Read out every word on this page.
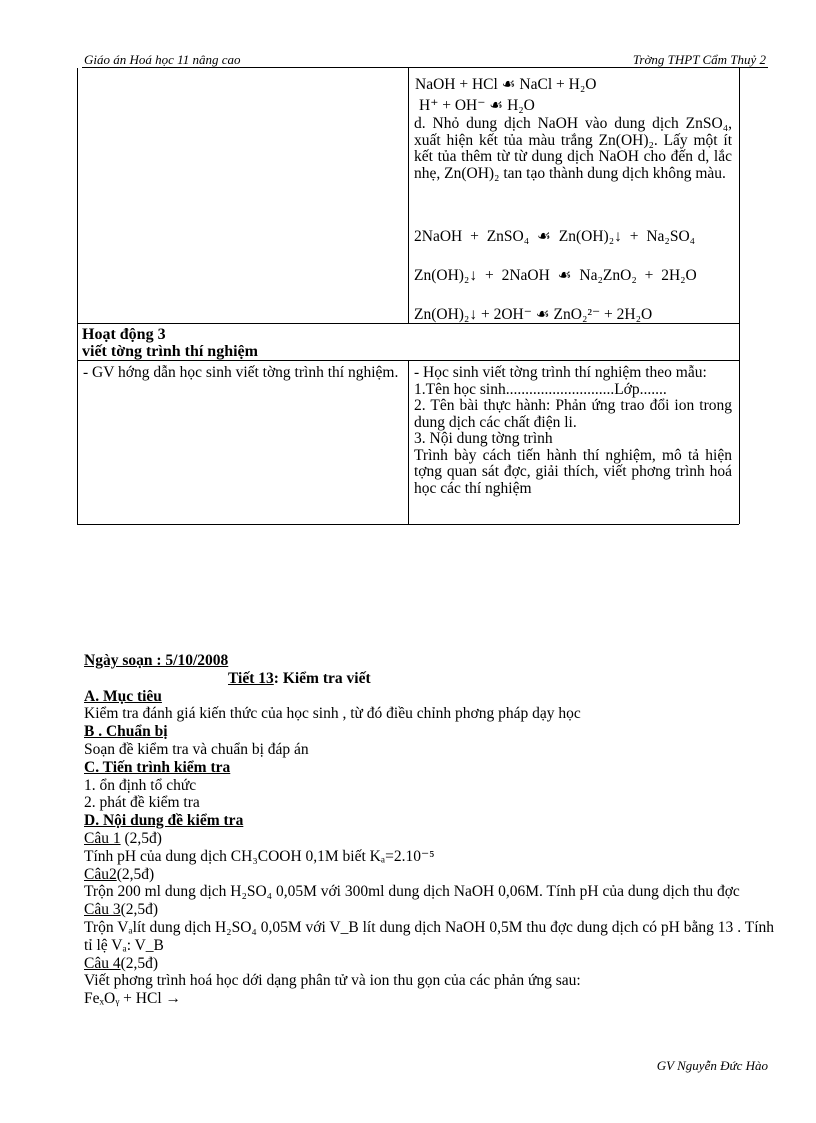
Giáo án Hoá học 11 nâng cao	Trờng THPT Cẩm Thuỷ 2
NaOH + HCl ☙ NaCl + H₂O
H⁺ + OH⁻ ☙ H₂O

d. Nhỏ dung dịch NaOH vào dung dịch ZnSO₄, xuất hiện kết tủa màu trắng Zn(OH)₂. Lấy một ít kết tủa thêm từ từ dung dịch NaOH cho đến d, lắc nhẹ, Zn(OH)₂ tan tạo thành dung dịch không màu.

2NaOH + ZnSO₄ ☙ Zn(OH)₂↓ + Na₂SO₄

Zn(OH)₂↓ + 2NaOH ☙ Na₂ZnO₂ + 2H₂O

Zn(OH)₂↓ + 2OH⁻ ☙ ZnO₂²⁻ + 2H₂O

Hoạt động 3
viết tờng trình thí nghiệm

- GV hớng dẫn học sinh viết tờng trình thí nghiệm. - Học sinh viết tờng trình thí nghiệm theo mẫu:

1.Tên học sinh............................Lớp.......

2. Tên bài thực hành: Phản ứng trao đổi ion trong dung dịch các chất điện li.

3. Nội dung tờng trình

Trình bày cách tiến hành thí nghiệm, mô tả hiện tợng quan sát đợc, giải thích, viết phơng trình hoá học các thí nghiệm

Ngày soạn : 5/10/2008

Tiết 13: Kiểm tra viết

A. Mục tiêu

Kiểm tra đánh giá kiến thức của học sinh , từ đó điều chỉnh phơng pháp dạy học

B . Chuẩn bị

Soạn đề kiểm tra và chuẩn bị đáp án

C. Tiến trình kiểm tra

1. ổn định tổ chức

2. phát đề kiểm tra

D. Nội dung đề kiểm tra

Câu 1 (2,5đ)

Tính pH của dung dịch CH₃COOH 0,1M biết Kₐ=2.10⁻⁵

Câu2(2,5đ)

Trộn 200 ml dung dịch H₂SO₄ 0,05M với 300ml dung dịch NaOH 0,06M. Tính pH của dung dịch thu đợc

Câu 3(2,5đ)

Trộn Vₐlít dung dịch H₂SO₄ 0,05M với V_B lít dung dịch NaOH 0,5M thu đợc dung dịch có pH bằng 13 . Tính tỉ lệ Vₐ: V_B

Câu 4(2,5đ)

Viết phơng trình hoá học dới dạng phân tử và ion thu gọn của các phản ứng sau:

FeₓOᵧ + HCl →

GV Nguyễn Đức Hào
